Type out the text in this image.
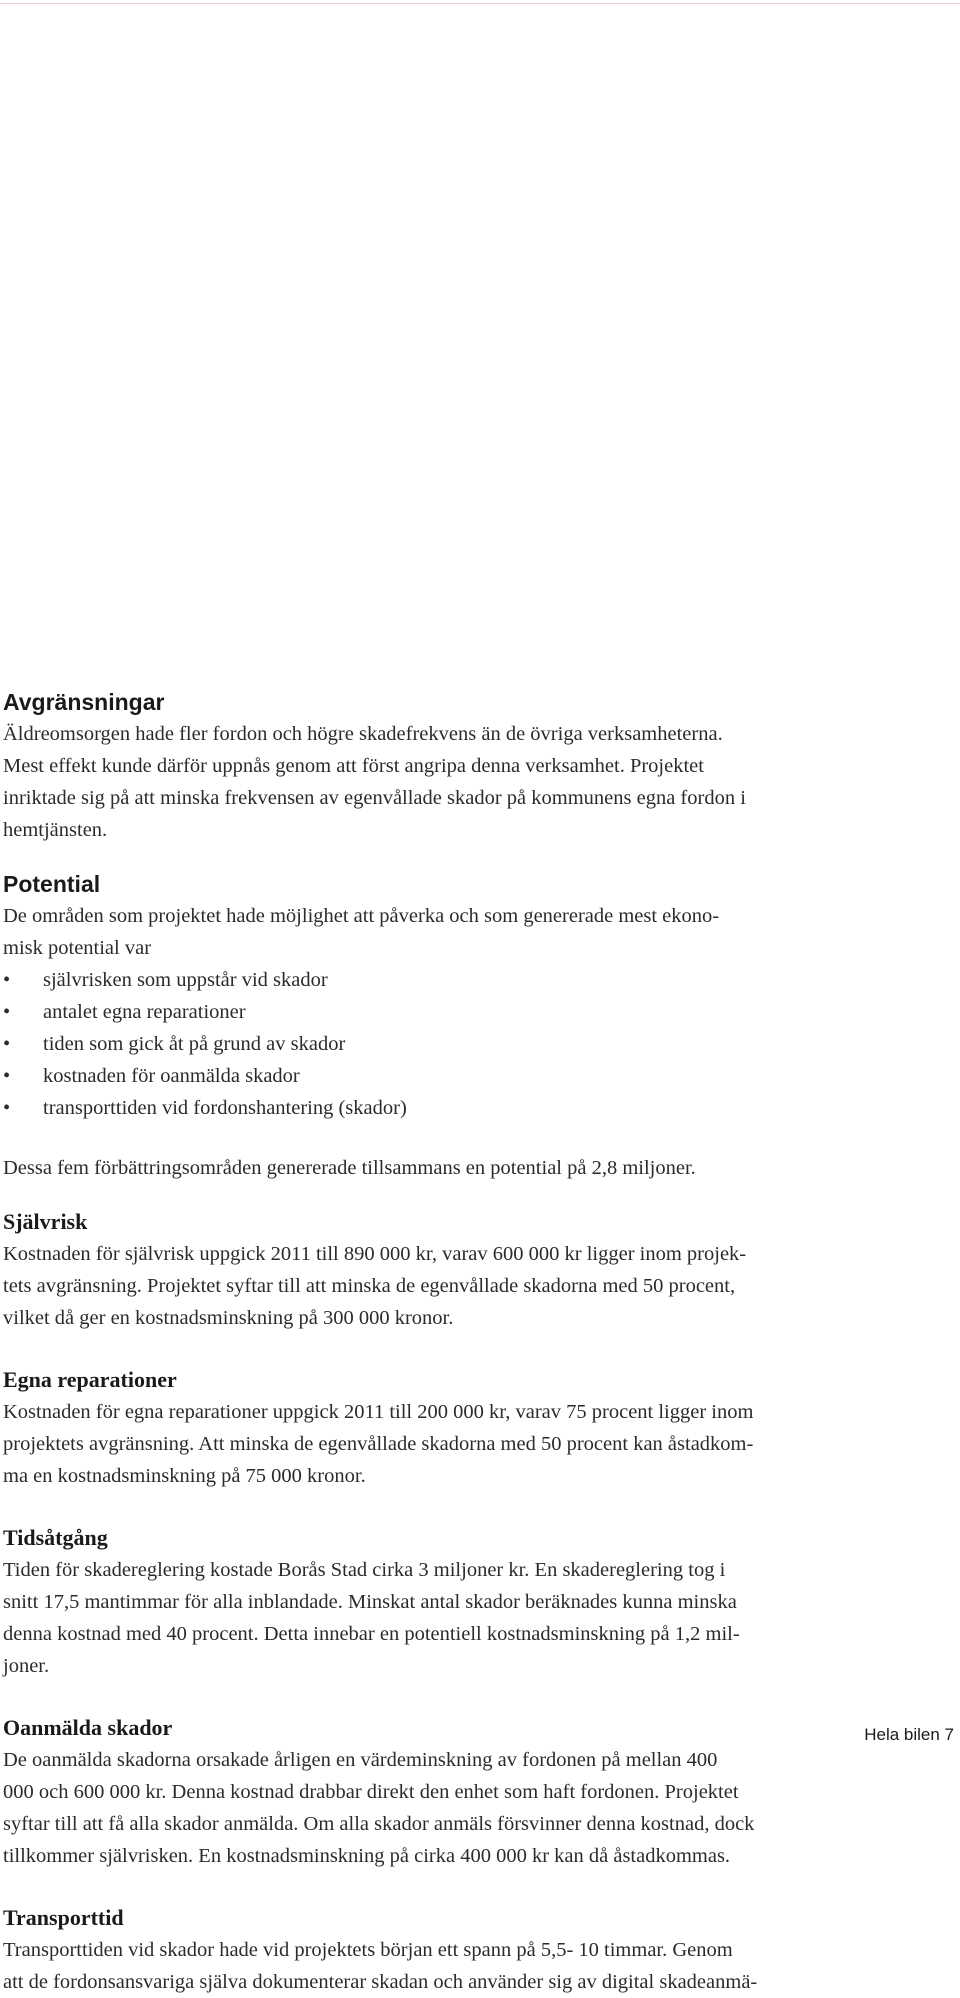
Avgränsningar

Äldreomsorgen hade fler fordon och högre skadefrekvens än de övriga verksamheterna.

Mest effekt kunde därför uppnås genom att först angripa denna verksamhet. Projektet

inriktade sig på att minska frekvensen av egenvållade skador på kommunens egna fordon i

hemtjänsten.

Potential

De områden som projektet hade möjlighet att påverka och som genererade mest ekono-

misk potential var

• självrisken som uppstår vid skador
• antalet egna reparationer
• tiden som gick åt på grund av skador
• kostnaden för oanmälda skador
• transporttiden vid fordonshantering (skador)

Dessa fem förbättringsområden genererade tillsammans en potential på 2,8 miljoner.

Självrisk

Kostnaden för självrisk uppgick 2011 till 890 000 kr, varav 600 000 kr ligger inom projek-

tets avgränsning. Projektet syftar till att minska de egenvållade skadorna med 50 procent,

vilket då ger en kostnadsminskning på 300 000 kronor.

Egna reparationer

Kostnaden för egna reparationer uppgick 2011 till 200 000 kr, varav 75 procent ligger inom

projektets avgränsning. Att minska de egenvållade skadorna med 50 procent kan åstadkom-

ma en kostnadsminskning på 75 000 kronor.

Tidsåtgång

Tiden för skadereglering kostade Borås Stad cirka 3 miljoner kr. En skadereglering tog i

snitt 17,5 mantimmar för alla inblandade. Minskat antal skador beräknades kunna minska

denna kostnad med 40 procent. Detta innebar en potentiell kostnadsminskning på 1,2 mil-

joner.

Oanmälda skador

De oanmälda skadorna orsakade årligen en värdeminskning av fordonen på mellan 400

000 och 600 000 kr. Denna kostnad drabbar direkt den enhet som haft fordonen. Projektet

syftar till att få alla skador anmälda. Om alla skador anmäls försvinner denna kostnad, dock

tillkommer självrisken. En kostnadsminskning på cirka 400 000 kr kan då åstadkommas.

Transporttid

Transporttiden vid skador hade vid projektets början ett spann på 5,5- 10 timmar. Genom

att de fordonsansvariga själva dokumenterar skadan och använder sig av digital skadeanmä-

Hela bilen 7
